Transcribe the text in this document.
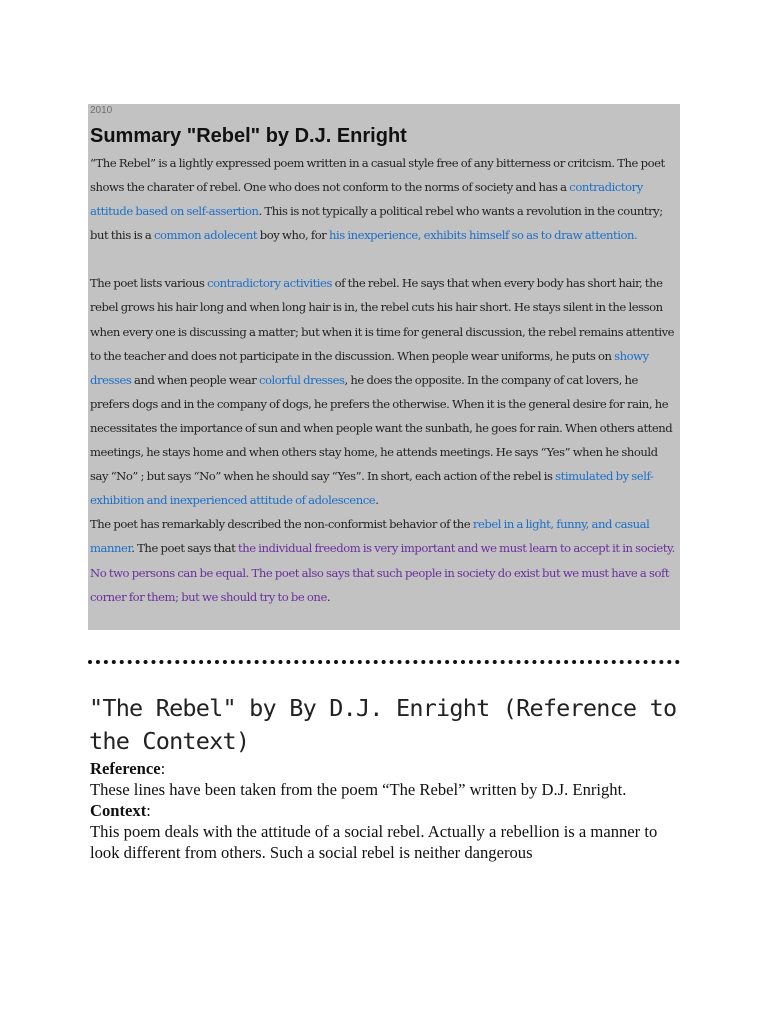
2010
Summary "Rebel" by D.J. Enright

“The Rebel” is a lightly expressed poem written in a casual style free of any bitterness or critcism. The poet shows the charater of rebel. One who does not conform to the norms of society and has a contradictory attitude based on self-assertion. This is not typically a political rebel who wants a revolution in the country; but this is a common adolecent boy who, for his inexperience, exhibits himself so as to draw attention.

The poet lists various contradictory activities of the rebel. He says that when every body has short hair, the rebel grows his hair long and when long hair is in, the rebel cuts his hair short. He stays silent in the lesson when every one is discussing a matter; but when it is time for general discussion, the rebel remains attentive to the teacher and does not participate in the discussion. When people wear uniforms, he puts on showy dresses and when people wear colorful dresses, he does the opposite. In the company of cat lovers, he prefers dogs and in the company of dogs, he prefers the otherwise. When it is the general desire for rain, he necessitates the importance of sun and when people want the sunbath, he goes for rain. When others attend meetings, he stays home and when others stay home, he attends meetings. He says “Yes” when he should say “No” ; but says “No” when he should say “Yes”. In short, each action of the rebel is stimulated by self-exhibition and inexperienced attitude of adolescence.

The poet has remarkably described the non-conformist behavior of the rebel in a light, funny, and casual manner. The poet says that the individual freedom is very important and we must learn to accept it in society. No two persons can be equal. The poet also says that such people in society do exist but we must have a soft corner for them; but we should try to be one.

"The Rebel" by By D.J. Enright (Reference to the Context)

Reference:

These lines have been taken from the poem “The Rebel” written by D.J. Enright.

Context:

This poem deals with the attitude of a social rebel. Actually a rebellion is a manner to look different from others. Such a social rebel is neither dangerous
